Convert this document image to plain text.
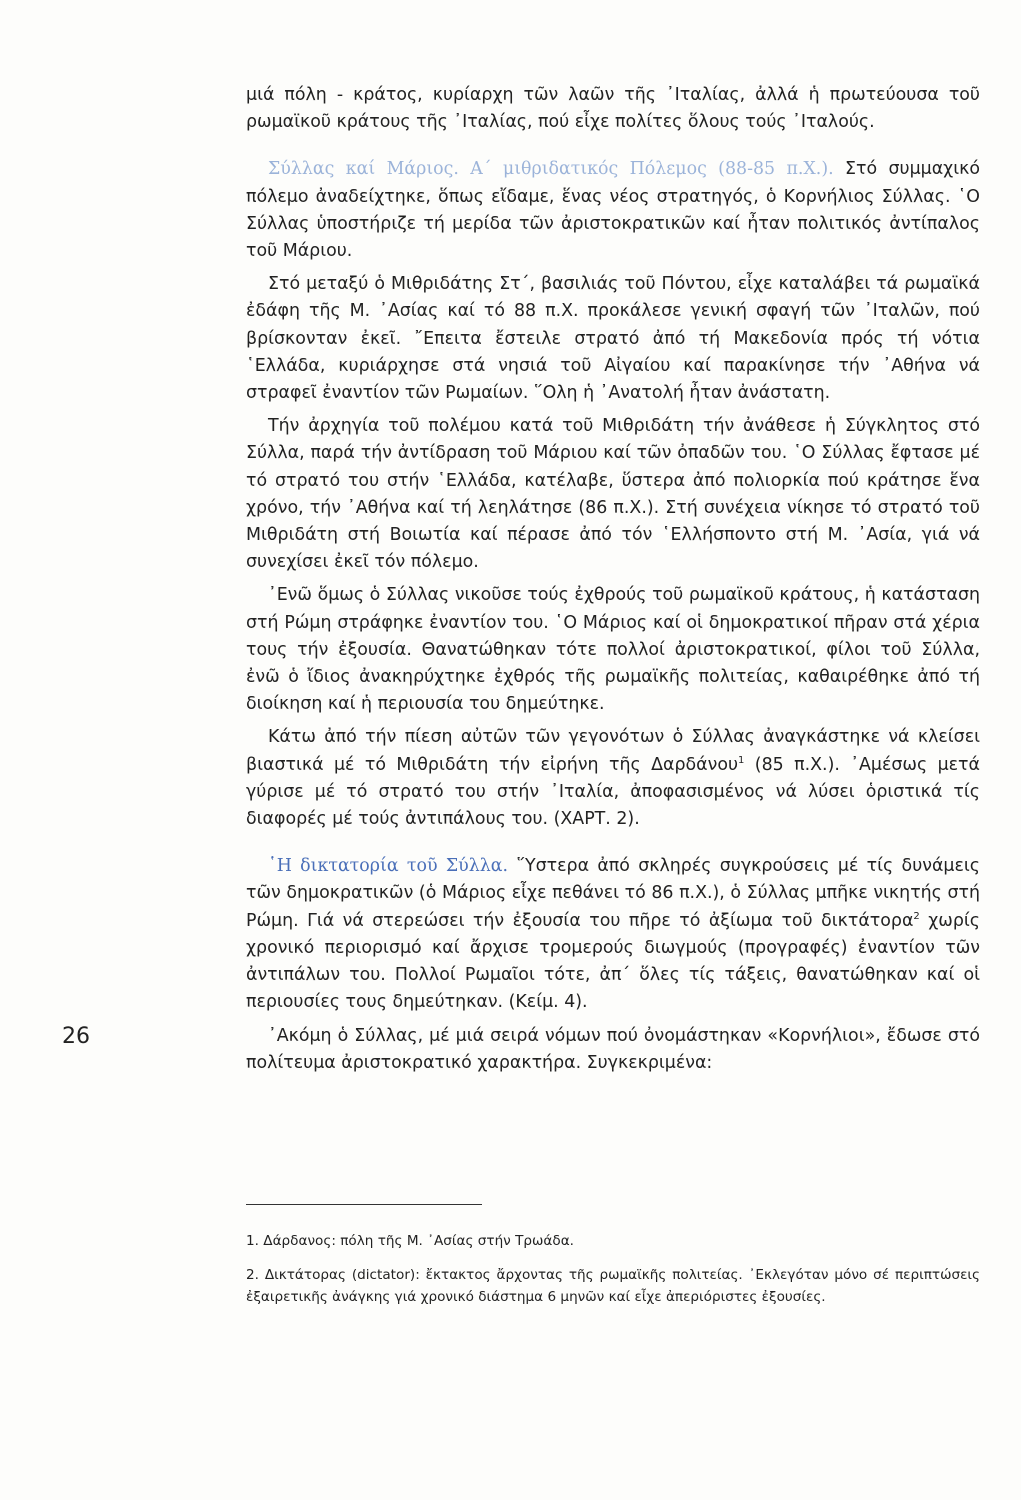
μιά πόλη - κράτος, κυρίαρχη τῶν λαῶν τῆς ᾿Ιταλίας, ἀλλά ἡ πρωτεύουσα τοῦ ρωμαϊκοῦ κράτους τῆς ᾿Ιταλίας, πού εἶχε πολίτες ὅλους τούς ᾿Ιταλούς.

Σύλλας καί Μάριος. Α΄ μιθριδατικός Πόλεμος (88-85 π.Χ.). Στό συμμαχικό πόλεμο ἀναδείχτηκε, ὅπως εἴδαμε, ἕνας νέος στρατηγός, ὁ Κορνήλιος Σύλλας. ῾Ο Σύλλας ὑποστήριζε τή μερίδα τῶν ἀριστοκρατικῶν καί ἦταν πολιτικός ἀντίπαλος τοῦ Μάριου.

Στό μεταξύ ὁ Μιθριδάτης Στ΄, βασιλιάς τοῦ Πόντου, εἶχε καταλάβει τά ρωμαϊκά ἐδάφη τῆς Μ. ᾿Ασίας καί τό 88 π.Χ. προκάλεσε γενική σφαγή τῶν ᾿Ιταλῶν, πού βρίσκονταν ἐκεῖ. ῎Επειτα ἔστειλε στρατό ἀπό τή Μακεδονία πρός τή νότια ῾Ελλάδα, κυριάρχησε στά νησιά τοῦ Αἰγαίου καί παρακίνησε τήν ᾿Αθήνα νά στραφεῖ ἐναντίον τῶν Ρωμαίων. ῞Ολη ἡ ᾿Ανατολή ἦταν ἀνάστατη.

Τήν ἀρχηγία τοῦ πολέμου κατά τοῦ Μιθριδάτη τήν ἀνάθεσε ἡ Σύγκλητος στό Σύλλα, παρά τήν ἀντίδραση τοῦ Μάριου καί τῶν ὀπαδῶν του. ῾Ο Σύλλας ἔφτασε μέ τό στρατό του στήν ῾Ελλάδα, κατέλαβε, ὕστερα ἀπό πολιορκία πού κράτησε ἕνα χρόνο, τήν ᾿Αθήνα καί τή λεηλάτησε (86 π.Χ.). Στή συνέχεια νίκησε τό στρατό τοῦ Μιθριδάτη στή Βοιωτία καί πέρασε ἀπό τόν ῾Ελλήσποντο στή Μ. ᾿Ασία, γιά νά συνεχίσει ἐκεῖ τόν πόλεμο.

᾿Ενῶ ὅμως ὁ Σύλλας νικοῦσε τούς ἐχθρούς τοῦ ρωμαϊκοῦ κράτους, ἡ κατάσταση στή Ρώμη στράφηκε ἐναντίον του. ῾Ο Μάριος καί οἱ δημοκρατικοί πῆραν στά χέρια τους τήν ἐξουσία. Θανατώθηκαν τότε πολλοί ἀριστοκρατικοί, φίλοι τοῦ Σύλλα, ἐνῶ ὁ ἴδιος ἀνακηρύχτηκε ἐχθρός τῆς ρωμαϊκῆς πολιτείας, καθαιρέθηκε ἀπό τή διοίκηση καί ἡ περιουσία του δημεύτηκε.

Κάτω ἀπό τήν πίεση αὐτῶν τῶν γεγονότων ὁ Σύλλας ἀναγκάστηκε νά κλείσει βιαστικά μέ τό Μιθριδάτη τήν εἰρήνη τῆς Δαρδάνου$^1$ (85 π.Χ.). ᾿Αμέσως μετά γύρισε μέ τό στρατό του στήν ᾿Ιταλία, ἀποφασισμένος νά λύσει ὁριστικά τίς διαφορές μέ τούς ἀντιπάλους του. (ΧΑΡΤ. 2).

῾Η δικτατορία τοῦ Σύλλα. ῞Υστερα ἀπό σκληρές συγκρούσεις μέ τίς δυνάμεις τῶν δημοκρατικῶν (ὁ Μάριος εἶχε πεθάνει τό 86 π.Χ.), ὁ Σύλλας μπῆκε νικητής στή Ρώμη. Γιά νά στερεώσει τήν ἐξουσία του πῆρε τό ἀξίωμα τοῦ δικτάτορα$^2$ χωρίς χρονικό περιορισμό καί ἄρχισε τρομερούς διωγμούς (προγραφές) ἐναντίον τῶν ἀντιπάλων του. Πολλοί Ρωμαῖοι τότε, ἀπ΄ ὅλες τίς τάξεις, θανατώθηκαν καί οἱ περιουσίες τους δημεύτηκαν. (Κείμ. 4).

᾿Ακόμη ὁ Σύλλας, μέ μιά σειρά νόμων πού ὀνομάστηκαν «Κορνήλιοι», ἔδωσε στό πολίτευμα ἀριστοκρατικό χαρακτήρα. Συγκεκριμένα:

1. Δάρδανος: πόλη τῆς Μ. ᾿Ασίας στήν Τρωάδα.

2. Δικτάτορας (dictator): ἔκτακτος ἄρχοντας τῆς ρωμαϊκῆς πολιτείας. ᾿Εκλεγόταν μόνο σέ περιπτώσεις ἐξαιρετικῆς ἀνάγκης γιά χρονικό διάστημα 6 μηνῶν καί εἶχε ἀπεριόριστες ἐξουσίες.

26
